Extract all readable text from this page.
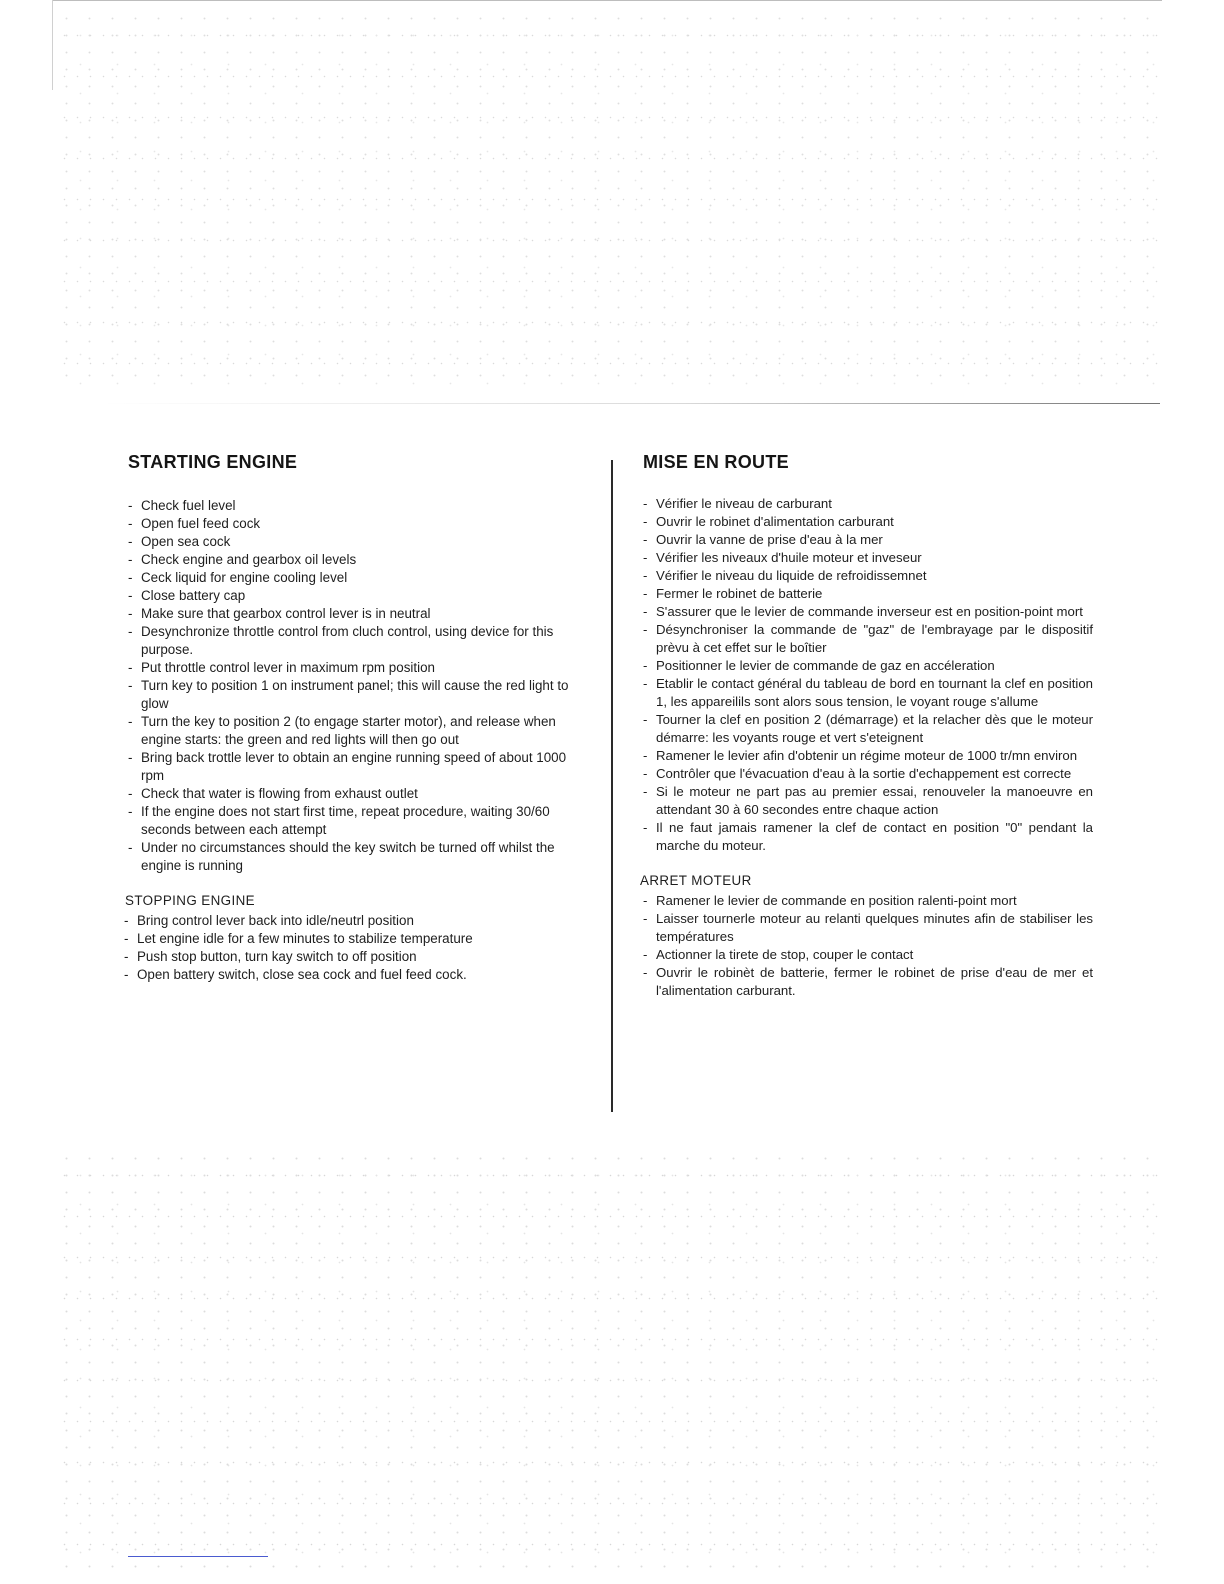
STARTING ENGINE
- Check fuel level
- Open fuel feed cock
- Open sea cock
- Check engine and gearbox oil levels
- Ceck liquid for engine cooling level
- Close battery cap
- Make sure that gearbox control lever is in neutral
- Desynchronize throttle control from cluch control, using device for this purpose.
- Put throttle control lever in maximum rpm position
- Turn key to position 1 on instrument panel; this will cause the red light to glow
- Turn the key to position 2 (to engage starter motor), and release when engine starts: the green and red lights will then go out
- Bring back trottle lever to obtain an engine running speed of about 1000 rpm
- Check that water is flowing from exhaust outlet
- If the engine does not start first time, repeat procedure, waiting 30/60 seconds between each attempt
- Under no circumstances should the key switch be turned off whilst the engine is running
STOPPING ENGINE
- Bring control lever back into idle/neutrl position
- Let engine idle for a few minutes to stabilize temperature
- Push stop button, turn kay switch to off position
- Open battery switch, close sea cock and fuel feed cock.
MISE EN ROUTE
- Vérifier le niveau de carburant
- Ouvrir le robinet d'alimentation carburant
- Ouvrir la vanne de prise d'eau à la mer
- Vérifier les niveaux d'huile moteur et inveseur
- Vérifier le niveau du liquide de refroidissemnet
- Fermer le robinet de batterie
- S'assurer que le levier de commande inverseur est en position-point mort
- Désynchroniser la commande de "gaz" de l'embrayage par le dispositif prèvu à cet effet sur le boîtier
- Positionner le levier de commande de gaz en accéleration
- Etablir le contact général du tableau de bord en tournant la clef en position 1, les appareilils sont alors sous tension, le voyant rouge s'allume
- Tourner la clef en position 2 (démarrage) et la relacher dès que le moteur démarre: les voyants rouge et vert s'eteignent
- Ramener le levier afin d'obtenir un régime moteur de 1000 tr/mn environ
- Contrôler que l'évacuation d'eau à la sortie d'echappement est correcte
- Si le moteur ne part pas au premier essai, renouveler la manoeuvre en attendant 30 à 60 secondes entre chaque action
- Il ne faut jamais ramener la clef de contact en position "0" pendant la marche du moteur.
ARRET MOTEUR
- Ramener le levier de commande en position ralenti-point mort
- Laisser tournerle moteur au relanti quelques minutes afin de stabiliser les températures
- Actionner la tirete de stop, couper le contact
- Ouvrir le robinèt de batterie, fermer le robinet de prise d'eau de mer et l'alimentation carburant.
